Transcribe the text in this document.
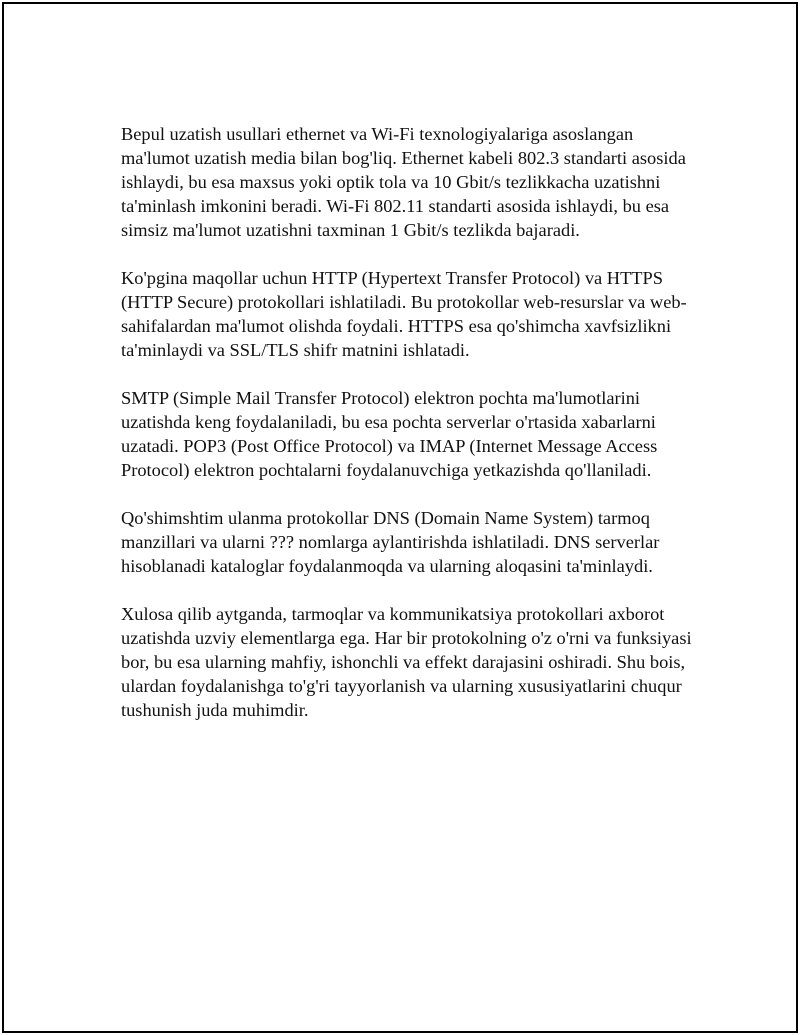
Bepul uzatish usullari ethernet va Wi-Fi texnologiyalariga asoslangan ma'lumot uzatish media bilan bog'liq. Ethernet kabeli 802.3 standarti asosida ishlaydi, bu esa maxsus yoki optik tola va 10 Gbit/s tezlikkacha uzatishni ta'minlash imkonini beradi. Wi-Fi 802.11 standarti asosida ishlaydi, bu esa simsiz ma'lumot uzatishni taxminan 1 Gbit/s tezlikda bajaradi.

Ko'pgina maqollar uchun HTTP (Hypertext Transfer Protocol) va HTTPS (HTTP Secure) protokollari ishlatiladi. Bu protokollar web-resurslar va web-sahifalardan ma'lumot olishda foydali. HTTPS esa qo'shimcha xavfsizlikni ta'minlaydi va SSL/TLS shifr matnini ishlatadi.

SMTP (Simple Mail Transfer Protocol) elektron pochta ma'lumotlarini uzatishda keng foydalaniladi, bu esa pochta serverlar o'rtasida xabarlarni uzatadi. POP3 (Post Office Protocol) va IMAP (Internet Message Access Protocol) elektron pochtalarni foydalanuvchiga yetkazishda qo'llaniladi.

Qo'shimshtim ulanma protokollar DNS (Domain Name System) tarmoq manzillari va ularni ??? nomlarga aylantirishda ishlatiladi. DNS serverlar hisoblanadi kataloglar foydalanmoqda va ularning aloqasini ta'minlaydi.

Xulosa qilib aytganda, tarmoqlar va kommunikatsiya protokollari axborot uzatishda uzviy elementlarga ega. Har bir protokolning o'z o'rni va funksiyasi bor, bu esa ularning mahfiy, ishonchli va effekt darajasini oshiradi. Shu bois, ulardan foydalanishga to'g'ri tayyorlanish va ularning xususiyatlarini chuqur tushunish juda muhimdir.
